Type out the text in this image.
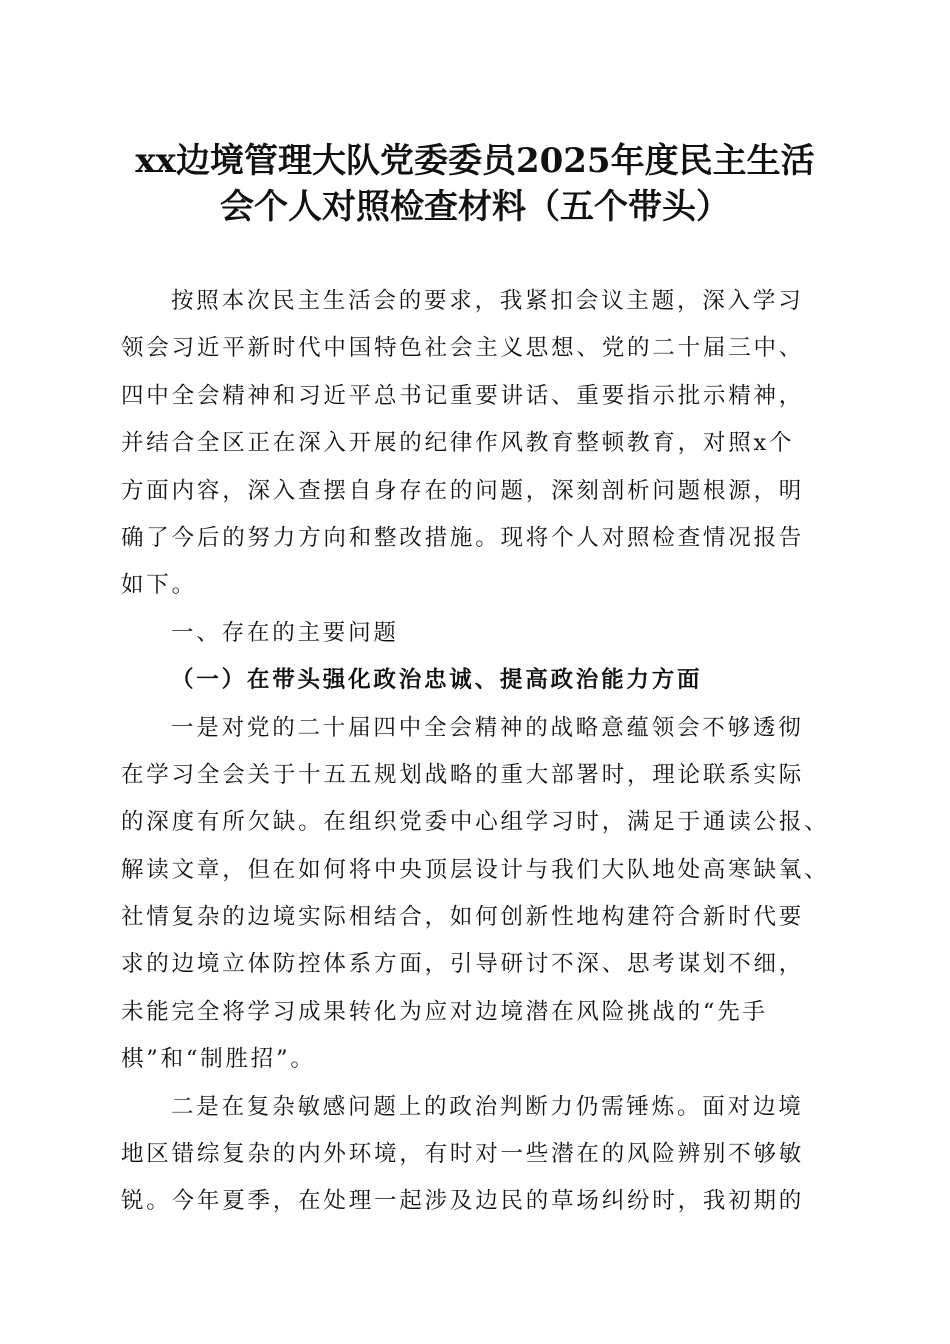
xx边境管理大队党委委员2025年度民主生活
会个人对照检查材料（五个带头）
按照本次民主生活会的要求，我紧扣会议主题，深入学习
领会习近平新时代中国特色社会主义思想、党的二十届三中、
四中全会精神和习近平总书记重要讲话、重要指示批示精神，
并结合全区正在深入开展的纪律作风教育整顿教育，对照x个
方面内容，深入查摆自身存在的问题，深刻剖析问题根源，明
确了今后的努力方向和整改措施。现将个人对照检查情况报告
如下。
一、存在的主要问题
（一）在带头强化政治忠诚、提高政治能力方面
一是对党的二十届四中全会精神的战略意蕴领会不够透彻
在学习全会关于十五五规划战略的重大部署时，理论联系实际
的深度有所欠缺。在组织党委中心组学习时，满足于通读公报、
解读文章，但在如何将中央顶层设计与我们大队地处高寒缺氧、
社情复杂的边境实际相结合，如何创新性地构建符合新时代要
求的边境立体防控体系方面，引导研讨不深、思考谋划不细，
未能完全将学习成果转化为应对边境潜在风险挑战的“先手
棋”和“制胜招”。
二是在复杂敏感问题上的政治判断力仍需锤炼。面对边境
地区错综复杂的内外环境，有时对一些潜在的风险辨别不够敏
锐。今年夏季，在处理一起涉及边民的草场纠纷时，我初期的
